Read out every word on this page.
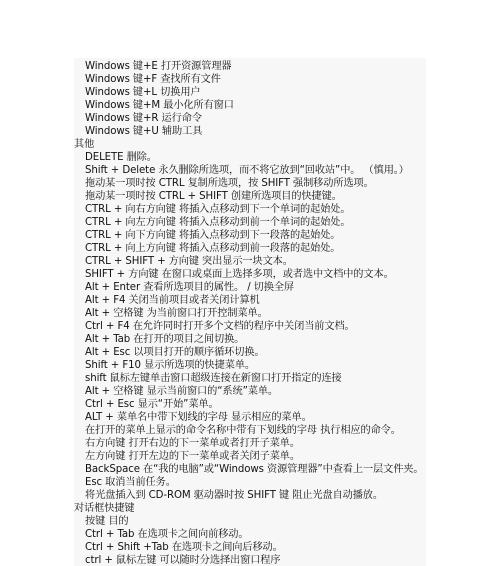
Windows 键+E 打开资源管理器
Windows 键+F 查找所有文件
Windows 键+L 切换用户
Windows 键+M 最小化所有窗口
Windows 键+R 运行命令
Windows 键+U 辅助工具
其他
DELETE 删除。
Shift + Delete 永久删除所选项，而不将它放到“回收站”中。 （慎用。）
拖动某一项时按 CTRL 复制所选项，按 SHIFT 强制移动所选项。
拖动某一项时按 CTRL + SHIFT 创建所选项目的快捷键。
CTRL + 向右方向键 将插入点移动到下一个单词的起始处。
CTRL + 向左方向键 将插入点移动到前一个单词的起始处。
CTRL + 向下方向键 将插入点移动到下一段落的起始处。
CTRL + 向上方向键 将插入点移动到前一段落的起始处。
CTRL + SHIFT + 方向键 突出显示一块文本。
SHIFT + 方向键 在窗口或桌面上选择多项，或者选中文档中的文本。
Alt + Enter 查看所选项目的属性。 / 切换全屏
Alt + F4 关闭当前项目或者关闭计算机
Alt + 空格键 为当前窗口打开控制菜单。
Ctrl + F4 在允许同时打开多个文档的程序中关闭当前文档。
Alt + Tab 在打开的项目之间切换。
Alt + Esc 以项目打开的顺序循环切换。
Shift + F10 显示所选项的快捷菜单。
shift 鼠标左键单击窗口超级连接在新窗口打开指定的连接
Alt + 空格键 显示当前窗口的“系统”菜单。
Ctrl + Esc 显示“开始”菜单。
ALT + 菜单名中带下划线的字母 显示相应的菜单。
在打开的菜单上显示的命令名称中带有下划线的字母 执行相应的命令。
右方向键 打开右边的下一菜单或者打开子菜单。
左方向键 打开左边的下一菜单或者关闭子菜单。
BackSpace 在“我的电脑”或“Windows 资源管理器”中查看上一层文件夹。
Esc 取消当前任务。
将光盘插入到 CD-ROM 驱动器时按 SHIFT 键 阻止光盘自动播放。
对话框快捷键
按键 目的
Ctrl + Tab 在选项卡之间向前移动。
Ctrl + Shift +Tab 在选项卡之间向后移动。
ctrl + 鼠标左键 可以随时分选择出窗口程序
